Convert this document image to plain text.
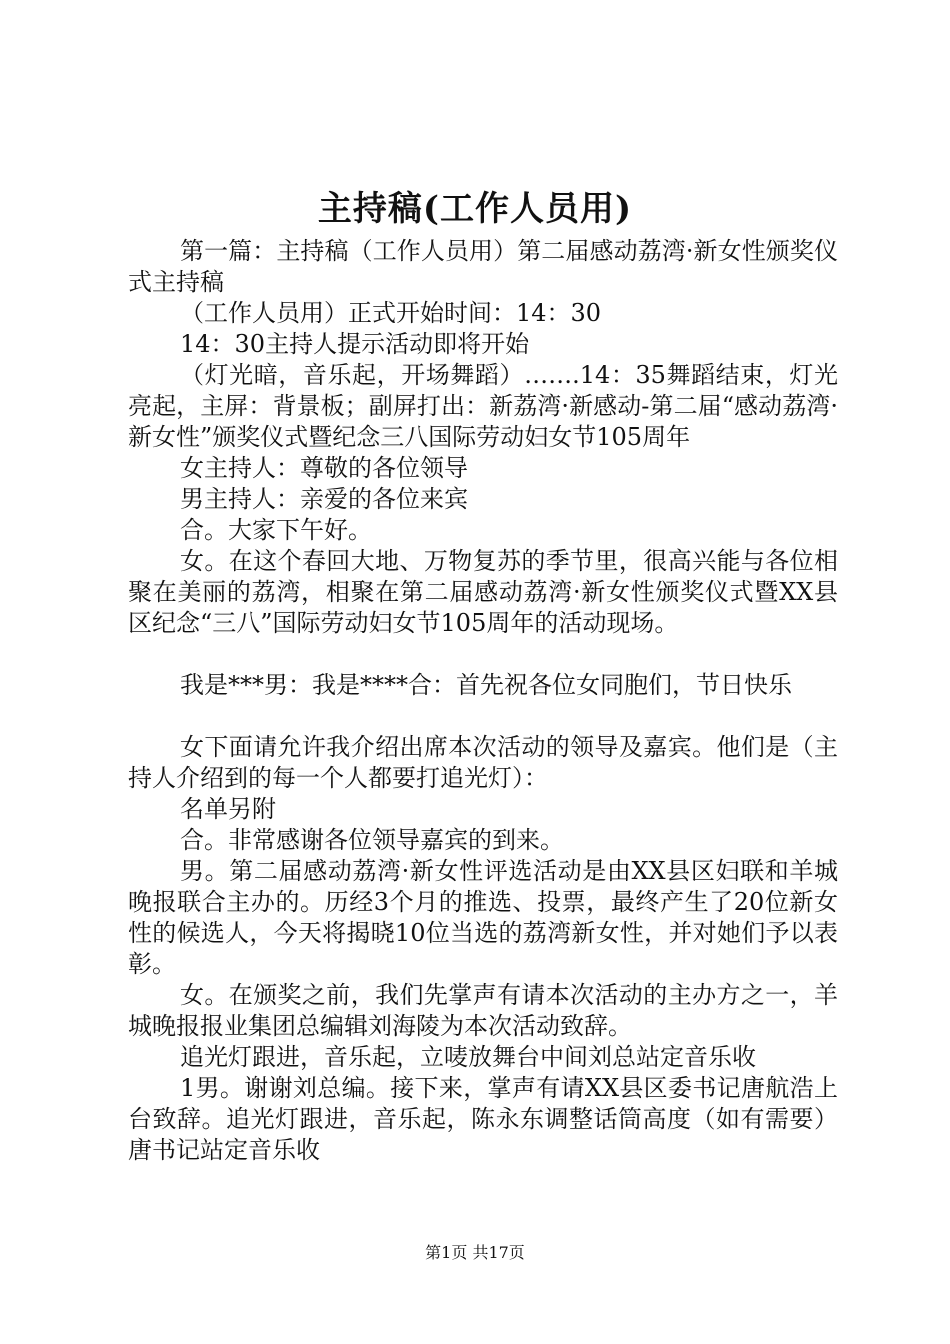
主持稿(工作人员用)

第一篇：主持稿（工作人员用）第二届感动荔湾·新女性颁奖仪式主持稿

（工作人员用）正式开始时间：14：30

14：30主持人提示活动即将开始

（灯光暗，音乐起，开场舞蹈）…….14：35舞蹈结束，灯光亮起，主屏：背景板；副屏打出：新荔湾·新感动-第二届“感动荔湾·新女性”颁奖仪式暨纪念三八国际劳动妇女节105周年

女主持人：尊敬的各位领导

男主持人：亲爱的各位来宾

合。大家下午好。

女。在这个春回大地、万物复苏的季节里，很高兴能与各位相聚在美丽的荔湾，相聚在第二届感动荔湾·新女性颁奖仪式暨XX县区纪念“三八”国际劳动妇女节105周年的活动现场。

我是***男：我是****合：首先祝各位女同胞们，节日快乐

女下面请允许我介绍出席本次活动的领导及嘉宾。他们是（主持人介绍到的每一个人都要打追光灯）：

名单另附

合。非常感谢各位领导嘉宾的到来。

男。第二届感动荔湾·新女性评选活动是由XX县区妇联和羊城晚报联合主办的。历经3个月的推选、投票，最终产生了20位新女性的候选人，今天将揭晓10位当选的荔湾新女性，并对她们予以表彰。

女。在颁奖之前，我们先掌声有请本次活动的主办方之一，羊城晚报报业集团总编辑刘海陵为本次活动致辞。

追光灯跟进，音乐起，立唛放舞台中间刘总站定音乐收

1男。谢谢刘总编。接下来，掌声有请XX县区委书记唐航浩上台致辞。追光灯跟进，音乐起，陈永东调整话筒高度（如有需要）唐书记站定音乐收

第1页 共17页
